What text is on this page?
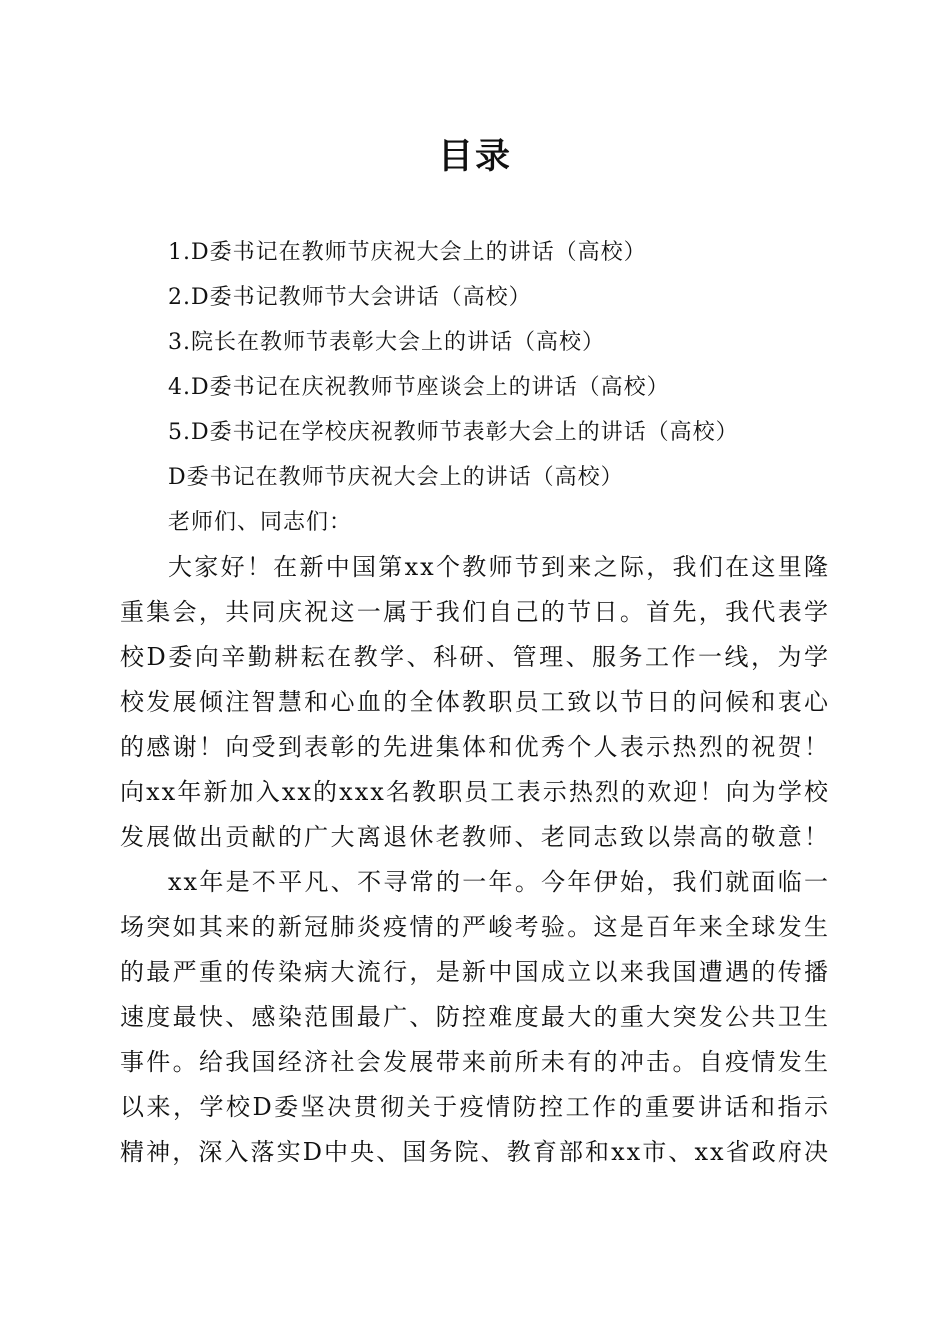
目录
1.D委书记在教师节庆祝大会上的讲话（高校）
2.D委书记教师节大会讲话（高校）
3.院长在教师节表彰大会上的讲话（高校）
4.D委书记在庆祝教师节座谈会上的讲话（高校）
5.D委书记在学校庆祝教师节表彰大会上的讲话（高校）
D委书记在教师节庆祝大会上的讲话（高校）
老师们、同志们：

大家好！在新中国第xx个教师节到来之际，我们在这里隆重集会，共同庆祝这一属于我们自己的节日。首先，我代表学校D委向辛勤耕耘在教学、科研、管理、服务工作一线，为学校发展倾注智慧和心血的全体教职员工致以节日的问候和衷心的感谢！向受到表彰的先进集体和优秀个人表示热烈的祝贺！向xx年新加入xx的xxx名教职员工表示热烈的欢迎！向为学校发展做出贡献的广大离退休老教师、老同志致以崇高的敬意！

xx年是不平凡、不寻常的一年。今年伊始，我们就面临一场突如其来的新冠肺炎疫情的严峻考验。这是百年来全球发生的最严重的传染病大流行，是新中国成立以来我国遭遇的传播速度最快、感染范围最广、防控难度最大的重大突发公共卫生事件。给我国经济社会发展带来前所未有的冲击。自疫情发生以来，学校D委坚决贯彻关于疫情防控工作的重要讲话和指示精神，深入落实D中央、国务院、教育部和xx市、xx省政府决
